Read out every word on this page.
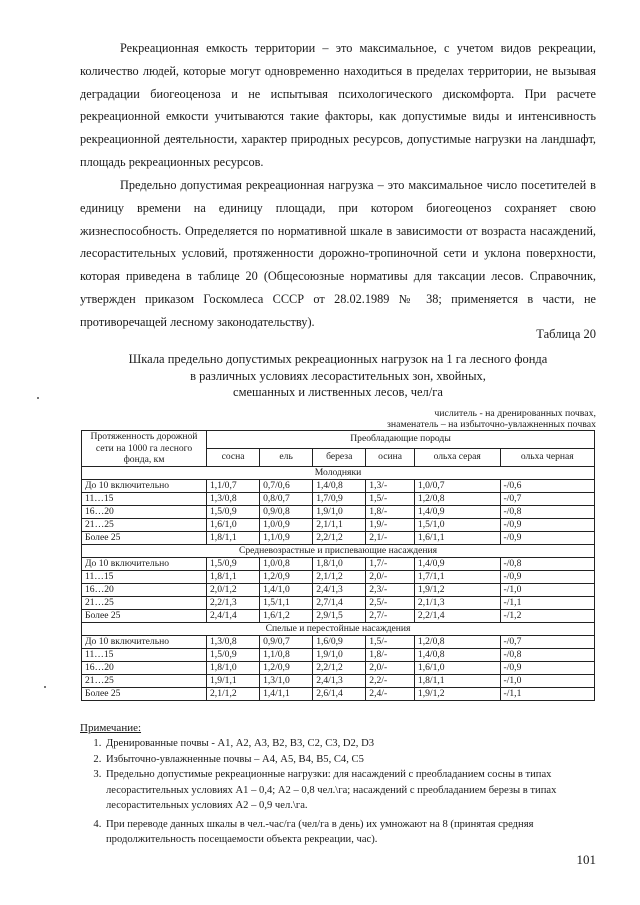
Рекреационная емкость территории – это максимальное, с учетом видов рекреации, количество людей, которые могут одновременно находиться в пределах территории, не вызывая деградации биогеоценоза и не испытывая психологического дискомфорта. При расчете рекреационной емкости учитываются такие факторы, как допустимые виды и интенсивность рекреационной деятельности, характер природных ресурсов, допустимые нагрузки на ландшафт, площадь рекреационных ресурсов.

Предельно допустимая рекреационная нагрузка – это максимальное число посетителей в единицу времени на единицу площади, при котором биогеоценоз сохраняет свою жизнеспособность. Определяется по нормативной шкале в зависимости от возраста насаждений, лесорастительных условий, протяженности дорожно-тропиночной сети и уклона поверхности, которая приведена в таблице 20 (Общесоюзные нормативы для таксации лесов. Справочник, утвержден приказом Госкомлеса СССР от 28.02.1989 № 38; применяется в части, не противоречащей лесному законодательству).

Таблица 20
Шкала предельно допустимых рекреационных нагрузок на 1 га лесного фонда
в различных условиях лесорастительных зон, хвойных,
смешанных и лиственных лесов, чел/га
числитель - на дренированных почвах,
знаменатель – на избыточно-увлажненных почвах
Протяженность дорожной сети на 1000 га лесного фонда, км	Преобладающие породы					
	сосна	ель	береза	осина	ольха серая	ольха черная
Молодняки						
До 10 включительно	1,1/0,7	0,7/0,6	1,4/0,8	1,3/-	1,0/0,7	-/0,6
11…15	1,3/0,8	0,8/0,7	1,7/0,9	1,5/-	1,2/0,8	-/0,7
16…20	1,5/0,9	0,9/0,8	1,9/1,0	1,8/-	1,4/0,9	-/0,8
21…25	1,6/1,0	1,0/0,9	2,1/1,1	1,9/-	1,5/1,0	-/0,9
Более 25	1,8/1,1	1,1/0,9	2,2/1,2	2,1/-	1,6/1,1	-/0,9
Средневозрастные и приспевающие насаждения						
До 10 включительно	1,5/0,9	1,0/0,8	1,8/1,0	1,7/-	1,4/0,9	-/0,8
11…15	1,8/1,1	1,2/0,9	2,1/1,2	2,0/-	1,7/1,1	-/0,9
16…20	2,0/1,2	1,4/1,0	2,4/1,3	2,3/-	1,9/1,2	-/1,0
21…25	2,2/1,3	1,5/1,1	2,7/1,4	2,5/-	2,1/1,3	-/1,1
Более 25	2,4/1,4	1,6/1,2	2,9/1,5	2,7/-	2,2/1,4	-/1,2
Спелые и перестойные насаждения						
До 10 включительно	1,3/0,8	0,9/0,7	1,6/0,9	1,5/-	1,2/0,8	-/0,7
11…15	1,5/0,9	1,1/0,8	1,9/1,0	1,8/-	1,4/0,8	-/0,8
16…20	1,8/1,0	1,2/0,9	2,2/1,2	2,0/-	1,6/1,0	-/0,9
21…25	1,9/1,1	1,3/1,0	2,4/1,3	2,2/-	1,8/1,1	-/1,0
Более 25	2,1/1,2	1,4/1,1	2,6/1,4	2,4/-	1,9/1,2	-/1,1
Примечание:
1. Дренированные почвы - А1, А2, А3, В2, В3, С2, С3, D2, D3
2. Избыточно-увлажненные почвы – А4, А5, В4, В5, С4, С5
3. Предельно допустимые рекреационные нагрузки: для насаждений с преобладанием сосны в типах лесорастительных условиях А1 – 0,4; А2 – 0,8 чел.\га; насаждений с преобладанием березы в типах лесорастительных условиях А2 – 0,9 чел.\га.
4. При переводе данных шкалы в чел.-час/га (чел/га в день) их умножают на 8 (принятая средняя продолжительность посещаемости объекта рекреации, час).
101
